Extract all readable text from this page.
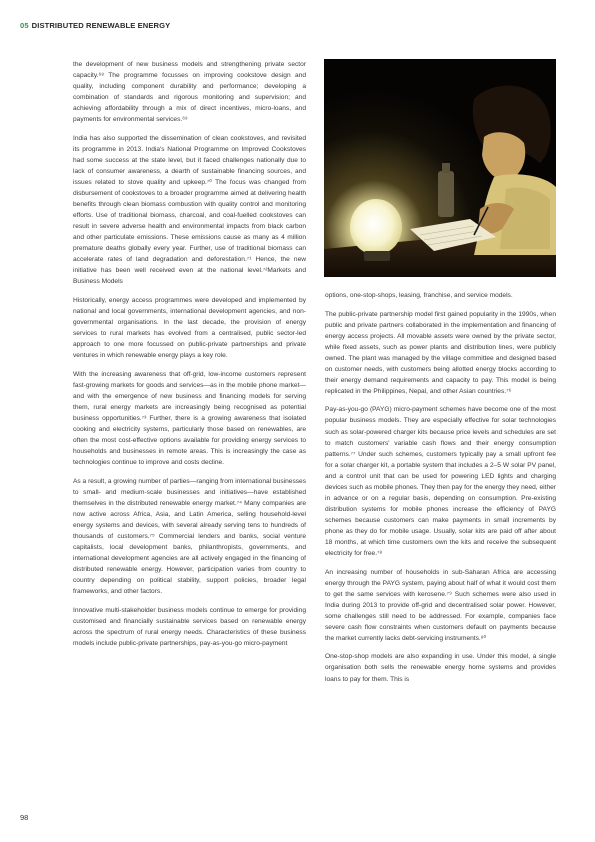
05 DISTRIBUTED RENEWABLE ENERGY

the development of new business models and strengthening private sector capacity.⁶⁸ The programme focusses on improving cookstove design and quality, including component durability and performance; developing a combination of standards and rigorous monitoring and supervision; and achieving affordability through a mix of direct incentives, micro-loans, and payments for environmental services.⁶⁹

India has also supported the dissemination of clean cookstoves, and revisited its programme in 2013. India's National Programme on Improved Cookstoves had some success at the state level, but it faced challenges nationally due to lack of consumer awareness, a dearth of sustainable financing sources, and issues related to stove quality and upkeep.⁷⁰ The focus was changed from disbursement of cookstoves to a broader programme aimed at delivering health benefits through clean biomass combustion with quality control and monitoring efforts. Use of traditional biomass, charcoal, and coal-fuelled cookstoves can result in severe adverse health and environmental impacts from black carbon and other particulate emissions. These emissions cause as many as 4 million premature deaths globally every year. Further, use of traditional biomass can accelerate rates of land degradation and deforestation.⁷¹ Hence, the new initiative has been well received even at the national level.⁷²Markets and Business Models

Historically, energy access programmes were developed and implemented by national and local governments, international development agencies, and non-governmental organisations. In the last decade, the provision of energy services to rural markets has evolved from a centralised, public sector-led approach to one more focussed on public-private partnerships and private ventures in which renewable energy plays a key role.

With the increasing awareness that off-grid, low-income customers represent fast-growing markets for goods and services—as in the mobile phone market—and with the emergence of new business and financing models for serving them, rural energy markets are increasingly being recognised as potential business opportunities.⁷³ Further, there is a growing awareness that isolated cooking and electricity systems, particularly those based on renewables, are often the most cost-effective options available for providing energy services to households and businesses in remote areas. This is increasingly the case as technologies continue to improve and costs decline.

As a result, a growing number of parties—ranging from international businesses to small- and medium-scale businesses and initiatives—have established themselves in the distributed renewable energy market.⁷⁴ Many companies are now active across Africa, Asia, and Latin America, selling household-level energy systems and devices, with several already serving tens to hundreds of thousands of customers.⁷⁵ Commercial lenders and banks, social venture capitalists, local development banks, philanthropists, governments, and international development agencies are all actively engaged in the financing of distributed renewable energy. However, participation varies from country to country depending on political stability, support policies, broader legal frameworks, and other factors.

Innovative multi-stakeholder business models continue to emerge for providing customised and financially sustainable services based on renewable energy across the spectrum of rural energy needs. Characteristics of these business models include public-private partnerships, pay-as-you-go micro-payment

options, one-stop-shops, leasing, franchise, and service models.

The public-private partnership model first gained popularity in the 1990s, when public and private partners collaborated in the implementation and financing of energy access projects. All movable assets were owned by the private sector, while fixed assets, such as power plants and distribution lines, were publicly owned. The plant was managed by the village committee and designed based on customer needs, with customers being allotted energy blocks according to their energy demand requirements and capacity to pay. This model is being replicated in the Philippines, Nepal, and other Asian countries.⁷⁶

Pay-as-you-go (PAYG) micro-payment schemes have become one of the most popular business models. They are especially effective for solar technologies such as solar-powered charger kits because price levels and schedules are set to match customers' variable cash flows and their energy consumption patterns.⁷⁷ Under such schemes, customers typically pay a small upfront fee for a solar charger kit, a portable system that includes a 2–5 W solar PV panel, and a control unit that can be used for powering LED lights and charging devices such as mobile phones. They then pay for the energy they need, either in advance or on a regular basis, depending on consumption. Pre-existing distribution systems for mobile phones increase the efficiency of PAYG schemes because customers can make payments in small increments by phone as they do for mobile usage. Usually, solar kits are paid off after about 18 months, at which time customers own the kits and receive the subsequent electricity for free.⁷⁸

An increasing number of households in sub-Saharan Africa are accessing energy through the PAYG system, paying about half of what it would cost them to get the same services with kerosene.⁷⁹ Such schemes were also used in India during 2013 to provide off-grid and decentralised solar power. However, some challenges still need to be addressed. For example, companies face severe cash flow constraints when customers default on payments because the market currently lacks debt-servicing instruments.⁸⁰

One-stop-shop models are also expanding in use. Under this model, a single organisation both sells the renewable energy home systems and provides loans to pay for them. This is

98
